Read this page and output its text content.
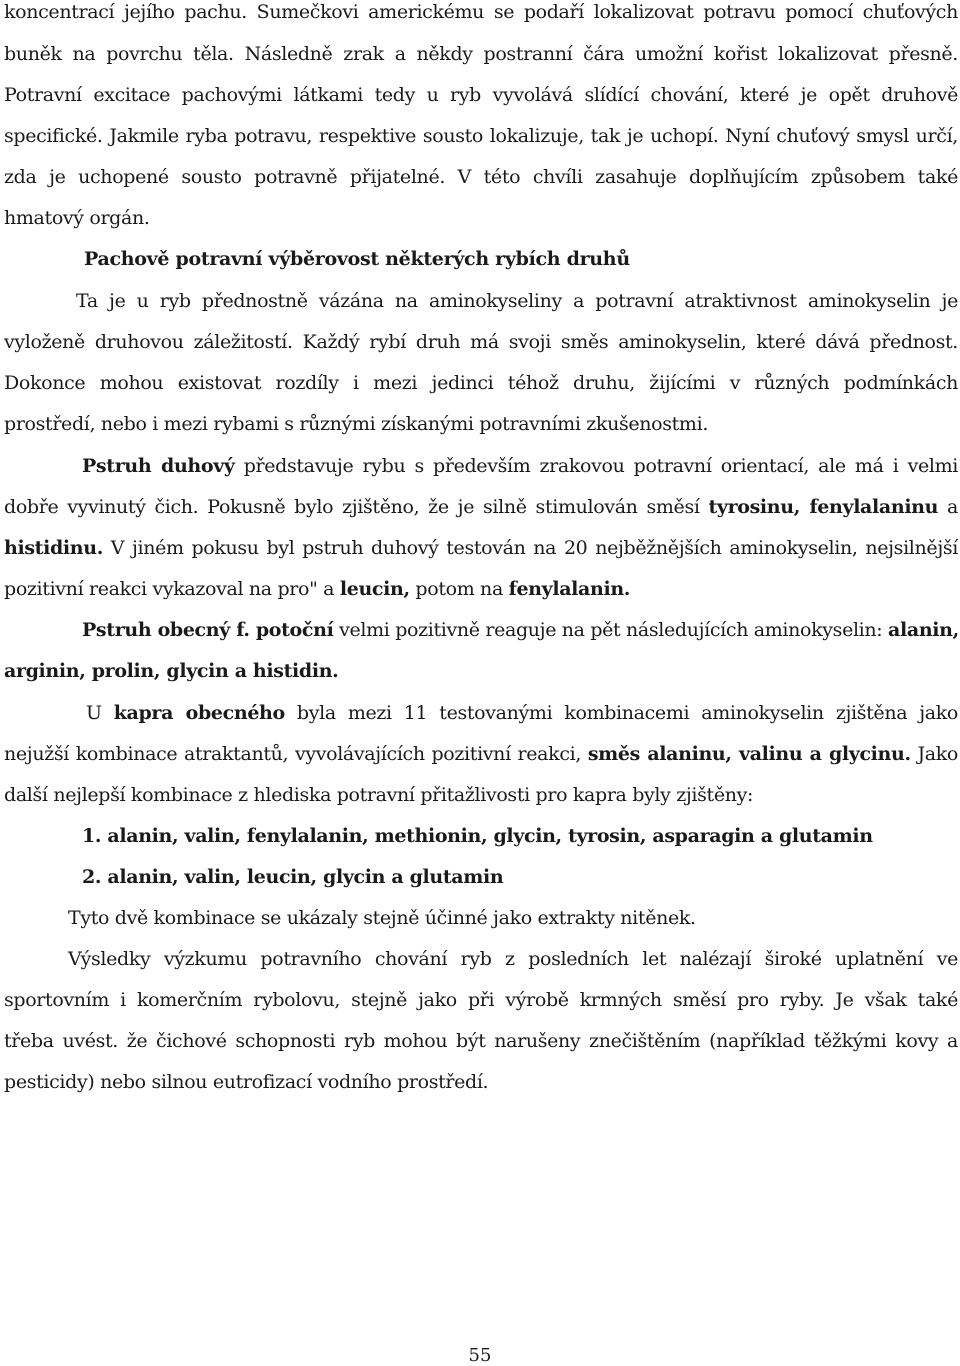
koncentrací jejího pachu. Sumečkovi americkému se podaří lokalizovat potravu pomocí chuťových
buněk na povrchu těla. Následně zrak a někdy postranní čára umožní kořist lokalizovat přesně.
Potravní excitace pachovými látkami tedy u ryb vyvolává slídící chování, které je opět druhově
specifické. Jakmile ryba potravu, respektive sousto lokalizuje, tak je uchopí. Nyní chuťový smysl určí,
zda je uchopené sousto potravně přijatelné. V této chvíli zasahuje doplňujícím způsobem také
hmatový orgán.
Pachově potravní výběrovost některých rybích druhů
Ta je u ryb přednostně vázána na aminokyseliny a potravní atraktivnost aminokyselin je
vyloženě druhovou záležitostí. Každý rybí druh má svoji směs aminokyselin, které dává přednost.
Dokonce mohou existovat rozdíly i mezi jedinci téhož druhu, žijícími v různých podmínkách
prostředí, nebo i mezi rybami s různými získanými potravními zkušenostmi.
Pstruh duhový představuje rybu s především zrakovou potravní orientací, ale má i velmi
dobře vyvinutý čich. Pokusně bylo zjištěno, že je silně stimulován směsí tyrosinu, fenylalaninu a
histidinu. V jiném pokusu byl pstruh duhový testován na 20 nejběžnějších aminokyselin, nejsilnější
pozitivní reakci vykazoval na pro" a leucin, potom na fenylalanin.
Pstruh obecný f. potoční velmi pozitivně reaguje na pět následujících aminokyselin: alanin,
arginin, prolin, glycin a histidin.
U kapra obecného byla mezi 11 testovanými kombinacemi aminokyselin zjištěna jako
nejužší kombinace atraktantů, vyvolávajících pozitivní reakci, směs alaninu, valinu a glycinu. Jako
další nejlepší kombinace z hlediska potravní přitažlivosti pro kapra byly zjištěny:
1. alanin, valin, fenylalanin, methionin, glycin, tyrosin, asparagin a glutamin
2. alanin, valin, leucin, glycin a glutamin
Tyto dvě kombinace se ukázaly stejně účinné jako extrakty nitěnek.
Výsledky výzkumu potravního chování ryb z posledních let nalézají široké uplatnění ve
sportovním i komerčním rybolovu, stejně jako při výrobě krmných směsí pro ryby. Je však také
třeba uvést. že čichové schopnosti ryb mohou být narušeny znečištěním (například těžkými kovy a
pesticidy) nebo silnou eutrofizací vodního prostředí.
55
